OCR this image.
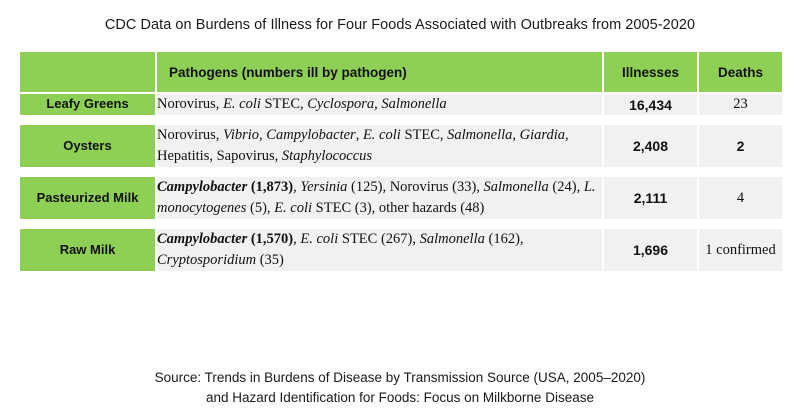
CDC Data on Burdens of Illness for Four Foods Associated with Outbreaks from 2005-2020
	Pathogens (numbers ill by pathogen)	Illnesses	Deaths
Leafy Greens	Norovirus, E. coli STEC, Cyclospora, Salmonella	16,434	23

Oysters	Norovirus, Vibrio, Campylobacter, E. coli STEC, Salmonella, Giardia, Hepatitis, Sapovirus, Staphylococcus	2,408	2

Pasteurized Milk	Campylobacter (1,873), Yersinia (125), Norovirus (33), Salmonella (24), L. monocytogenes (5), E. coli STEC (3), other hazards (48)	2,111	4

Raw Milk	Campylobacter (1,570), E. coli STEC (267), Salmonella (162), Cryptosporidium (35)	1,696	1 confirmed
Source: Trends in Burdens of Disease by Transmission Source (USA, 2005–2020)
and Hazard Identification for Foods: Focus on Milkborne Disease
